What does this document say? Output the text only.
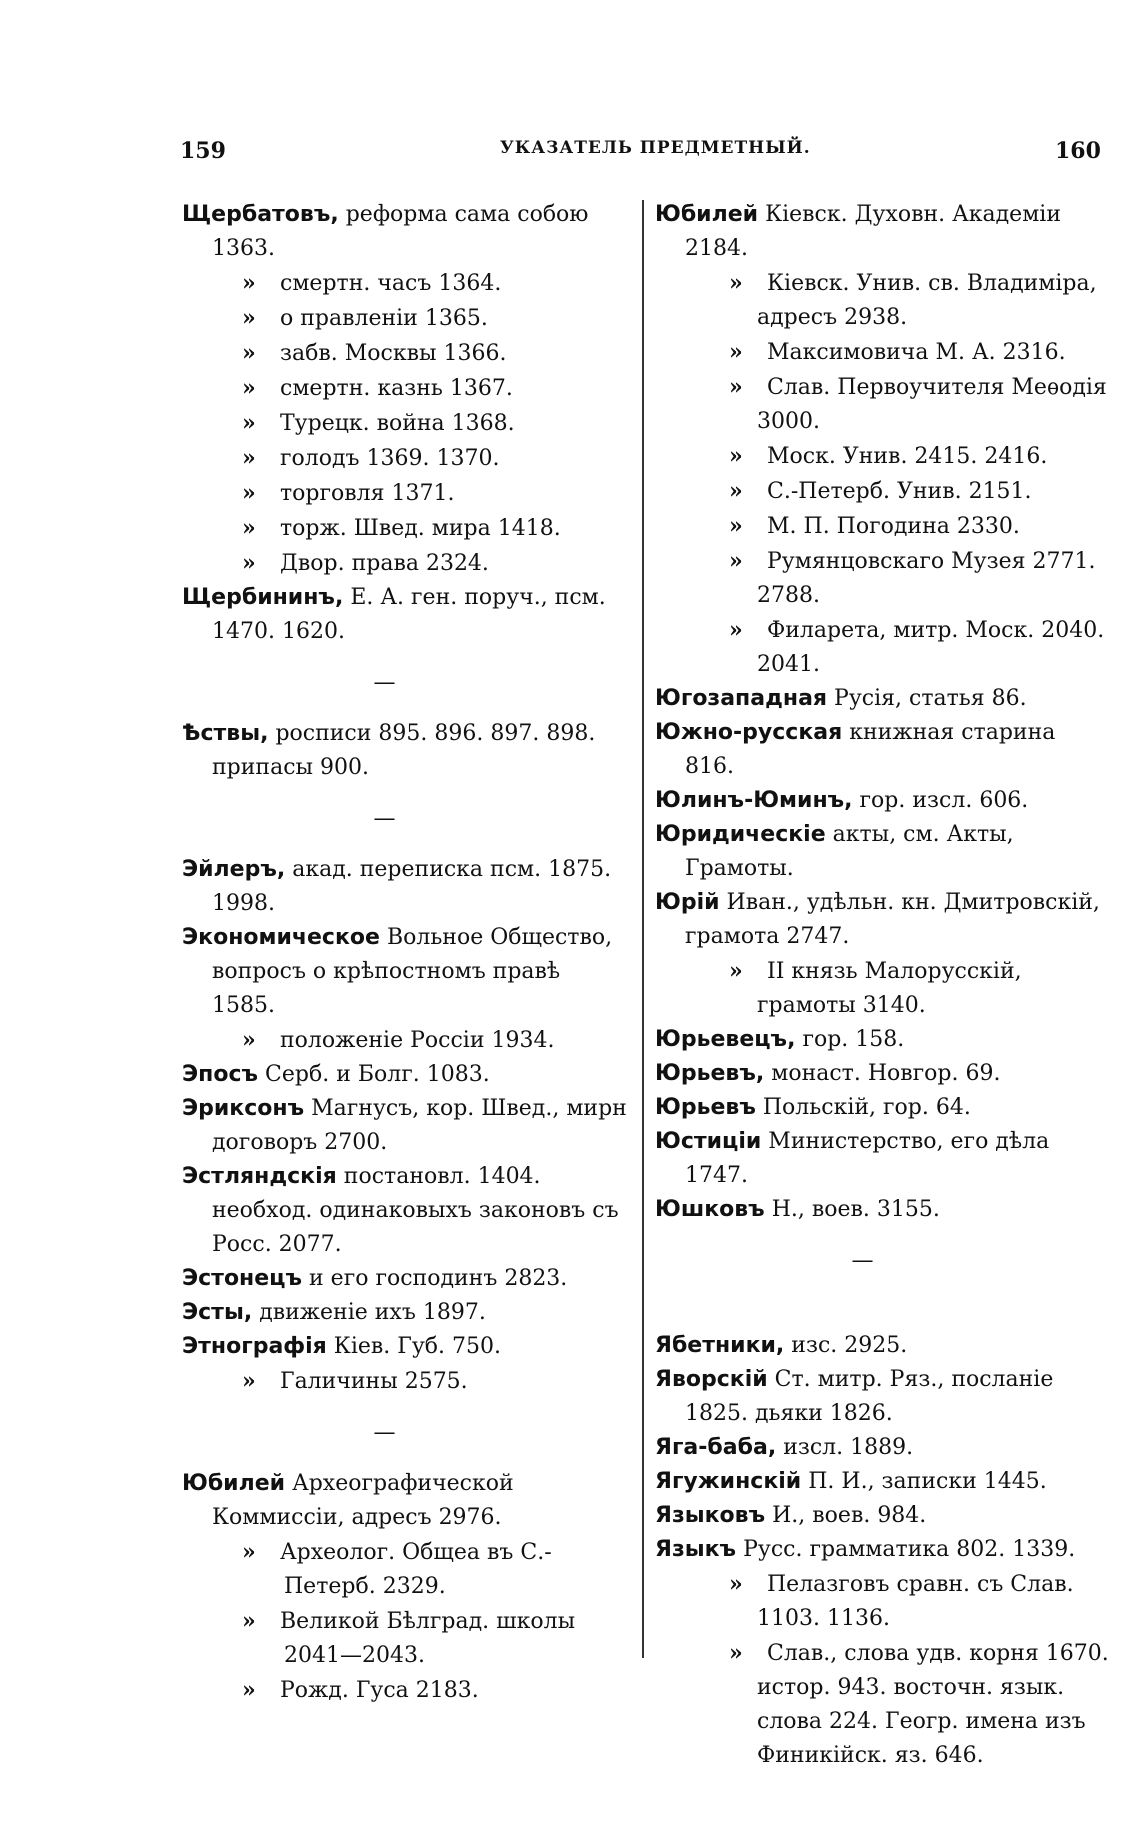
159	УКАЗАТЕЛЬ ПРЕДМЕТНЫЙ.	160

Щербатовъ, реформа сама собою 1363.

» смертн. часъ 1364.

» о правленіи 1365.

» забв. Москвы 1366.

» смертн. казнь 1367.

» Турецк. война 1368.

» голодъ 1369. 1370.

» торговля 1371.

» торж. Швед. мира 1418.

» Двор. права 2324.

Щербининъ, Е. А. ген. поруч., псм. 1470. 1620.

—

Ѣствы, росписи 895. 896. 897. 898. припасы 900.

—

Эйлеръ, акад. переписка псм. 1875. 1998.

Экономическое Вольное Общество, вопросъ о крѣпостномъ правѣ 1585.

» положеніе Россіи 1934.

Эпосъ Серб. и Болг. 1083.

Эриксонъ Магнусъ, кор. Швед., мирн договоръ 2700.

Эстляндскія постановл. 1404. необход. одинаковыхъ законовъ съ Росс. 2077.

Эстонецъ и его господинъ 2823.

Эсты, движеніе ихъ 1897.

Этнографія Кіев. Губ. 750.

» Галичины 2575.

—

Юбилей Археографической Коммиссіи, адресъ 2976.

» Археолог. Общеа въ С.-Петерб. 2329.

» Великой Бѣлград. школы 2041—2043.

» Рожд. Гуса 2183.

Юбилей Кіевск. Духовн. Академіи 2184.

» Кіевск. Унив. св. Владиміра, адресъ 2938.

» Максимовича М. А. 2316.

» Слав. Первоучителя Меѳодія 3000.

» Моск. Унив. 2415. 2416.

» С.-Петерб. Унив. 2151.

» М. П. Погодина 2330.

» Румянцовскаго Музея 2771. 2788.

» Филарета, митр. Моск. 2040. 2041.

Югозападная Русія, статья 86.

Южно-русская книжная старина 816.

Юлинъ-Юминъ, гор. изсл. 606.

Юридическіе акты, см. Акты, Грамоты.

Юрій Иван., удѣльн. кн. Дмитровскій, грамота 2747.

» II князь Малорусскій, грамоты 3140.

Юрьевецъ, гор. 158.

Юрьевъ, монаст. Новгор. 69.

Юрьевъ Польскій, гор. 64.

Юстиціи Министерство, его дѣла 1747.

Юшковъ Н., воев. 3155.

—

Ябетники, изс. 2925.

Яворскій Ст. митр. Ряз., посланіе 1825. дьяки 1826.

Яга-баба, изсл. 1889.

Ягужинскій П. И., записки 1445.

Языковъ И., воев. 984.

Языкъ Русс. грамматика 802. 1339.

» Пелазговъ сравн. съ Слав. 1103. 1136.

» Слав., слова удв. корня 1670. истор. 943. восточн. язык. слова 224. Геогр. имена изъ Финикійск. яз. 646.
